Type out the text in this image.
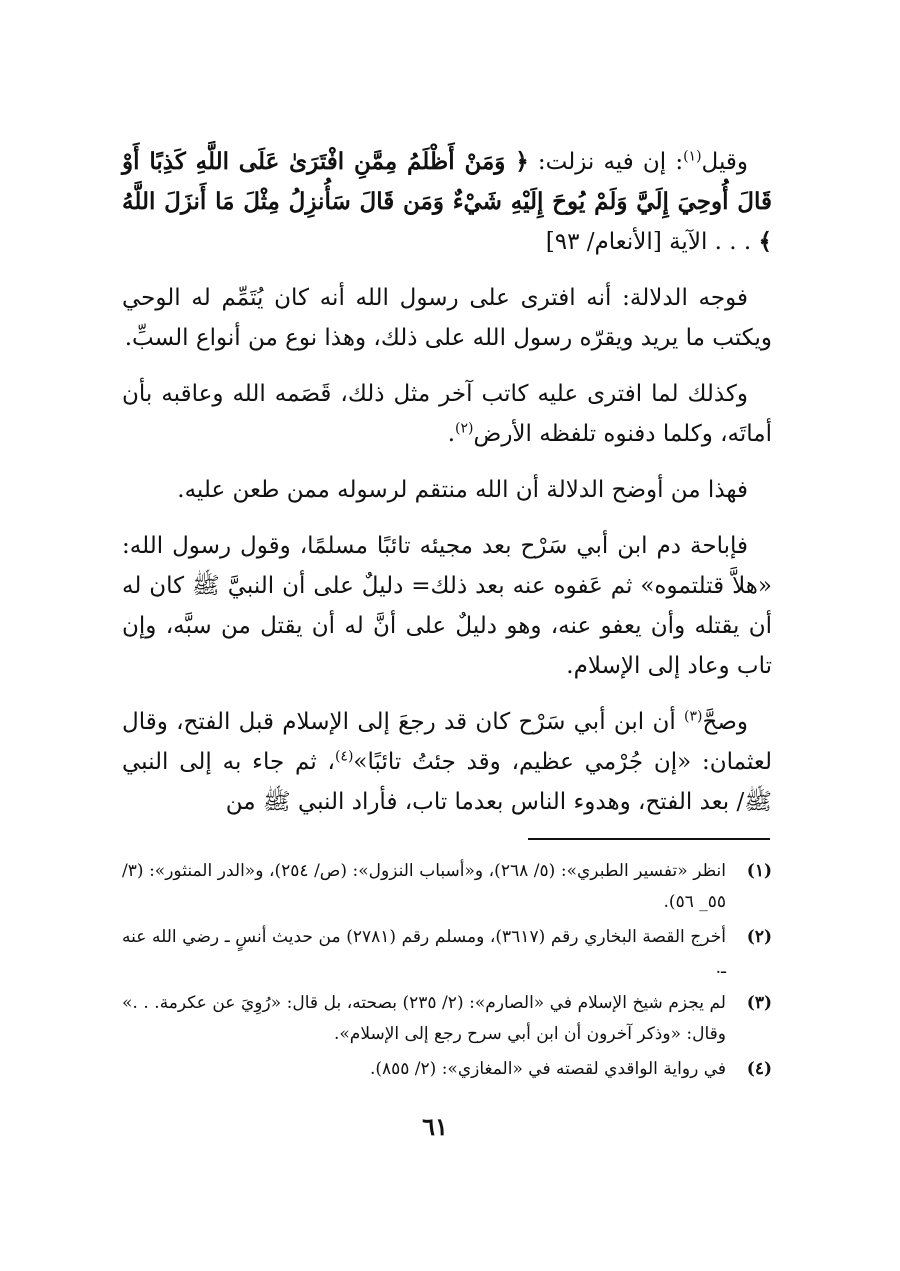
وقيل$^{(١)}$: إن فيه نزلت: ﴿ وَمَنْ أَظْلَمُ مِمَّنِ افْتَرَىٰ عَلَى اللَّهِ كَذِبًا أَوْ قَالَ أُوحِيَ إِلَيَّ وَلَمْ يُوحَ إِلَيْهِ شَيْءٌ وَمَن قَالَ سَأُنزِلُ مِثْلَ مَا أَنزَلَ اللَّهُ ﴾ . . . الآية [الأنعام/ ٩٣]

فوجه الدلالة: أنه افترى على رسول الله أنه كان يُتَمِّم له الوحي ويكتب ما يريد ويقرّه رسول الله على ذلك، وهذا نوع من أنواع السبِّ.

وكذلك لما افترى عليه كاتب آخر مثل ذلك، قَصَمه الله وعاقبه بأن أماتَه، وكلما دفنوه تلفظه الأرض$^{(٢)}$.

فهذا من أوضح الدلالة أن الله منتقم لرسوله ممن طعن عليه.

فإباحة دم ابن أبي سَرْح بعد مجيئه تائبًا مسلمًا، وقول رسول الله: «هلاَّ قتلتموه» ثم عَفوه عنه بعد ذلك= دليلٌ على أن النبيَّ ﷺ كان له أن يقتله وأن يعفو عنه، وهو دليلٌ على أنَّ له أن يقتل من سبَّه، وإن تاب وعاد إلى الإسلام.

وصحَّ$^{(٣)}$ أن ابن أبي سَرْح كان قد رجعَ إلى الإسلام قبل الفتح، وقال لعثمان: «إن جُرْمي عظيم، وقد جئتُ تائبًا»$^{(٤)}$، ثم جاء به إلى النبي ﷺ/ بعد الفتح، وهدوء الناس بعدما تاب، فأراد النبي ﷺ من

(١)
انظر «تفسير الطبري»: (٥/ ٢٦٨)، و«أسباب النزول»: (ص/ ٢٥٤)، و«الدر المنثور»: (٣/ ٥٥_ ٥٦).
(٢)
أخرج القصة البخاري رقم (٣٦١٧)، ومسلم رقم (٢٧٨١) من حديث أنسٍ ـ رضي الله عنه ـ.
(٣)
لم يجزم شيخ الإسلام في «الصارم»: (٢/ ٢٣٥) بصحته، بل قال: «رُوِيَ عن عكرمة. . .» وقال: «وذكر آخرون أن ابن أبي سرح رجع إلى الإسلام».
(٤)
في رواية الواقدي لقصته في «المغازي»: (٢/ ٨٥٥).
٦١
